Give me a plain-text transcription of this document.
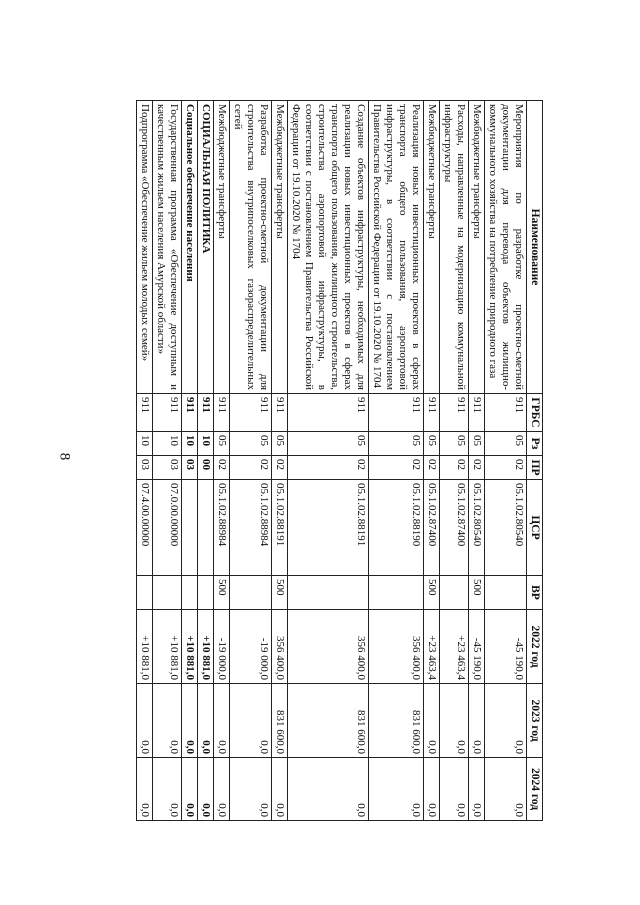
8
Наименование	ГРБС	Рз	ПР	ЦСР	ВР	2022 год	2023 год	2024 год
Мероприятия по разработке проектно-сметной документации для перевода объектов жилищно-коммунального хозяйства на потребление природного газа	911	05	02	05.1.02.80540		-45 190,0	0,0	0,0
Межбюджетные трансферты	911	05	02	05.1.02.80540	500	-45 190,0	0,0	0,0
Расходы, направленные на модернизацию коммунальной инфраструктуры	911	05	02	05.1.02.87400		+23 463,4	0,0	0,0
Межбюджетные трансферты	911	05	02	05.1.02.87400	500	+23 463,4	0,0	0,0
Реализация новых инвестиционных проектов в сферах транспорта общего пользования, аэропортовой инфраструктуры, в соответствии с постановлением Правительства Российской Федерации от 19.10.2020 № 1704	911	05	02	05.1.02.88190		356 400,0	831 600,0	0,0
Создание объектов инфраструктуры, необходимых для реализации новых инвестиционных проектов в сферах транспорта общего пользования, жилищного строительства, строительства аэропортовой инфраструктуры, в соответствии с постановлением Правительства Российской Федерации от 19.10.2020 № 1704	911	05	02	05.1.02.88191		356 400,0	831 600,0	0,0
Межбюджетные трансферты	911	05	02	05.1.02.88191	500	356 400,0	831 600,0	0,0
Разработка проектно-сметной документации для строительства внутрипоселковых газораспределительных сетей	911	05	02	05.1.02.88984		-19 000,0	0,0	0,0
Межбюджетные трансферты	911	05	02	05.1.02.88984	500	-19 000,0	0,0	0,0
СОЦИАЛЬНАЯ ПОЛИТИКА	911	10	00			+10 881,0	0,0	0,0
Социальное обеспечение населения	911	10	03			+10 881,0	0,0	0,0
Государственная программа «Обеспечение доступным и качественным жильем населения Амурской области»	911	10	03	07.0.00.00000		+10 881,0	0,0	0,0
Подпрограмма «Обеспечение жильем молодых семей»	911	10	03	07.4.00.00000		+10 881,0	0,0	0,0
